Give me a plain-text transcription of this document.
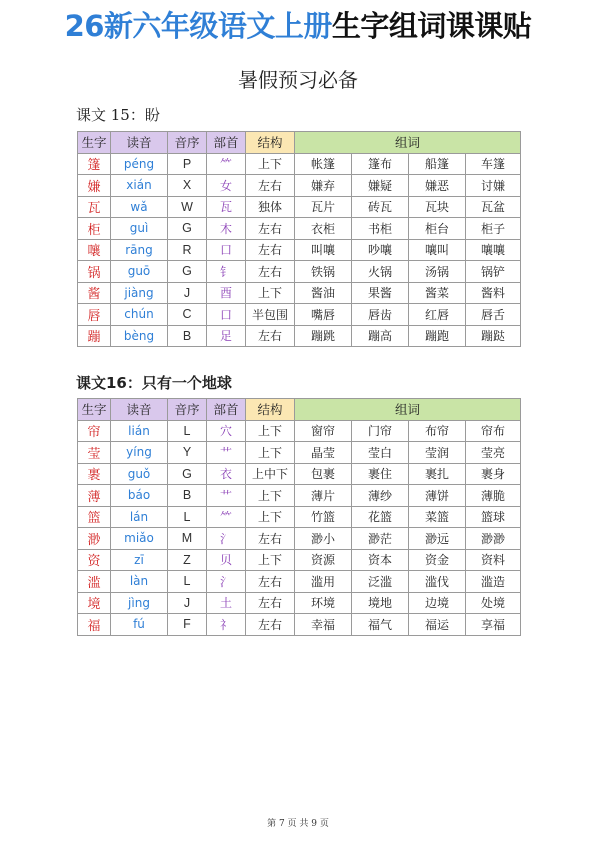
26新六年级语文上册生字组词课课贴
暑假预习必备
课文 15：盼
生字	读音	音序	部首	结构	组词			
篷	péng	P	⺮	上下	帐篷	篷布	船篷	车篷
嫌	xián	X	女	左右	嫌弃	嫌疑	嫌恶	讨嫌
瓦	wǎ	W	瓦	独体	瓦片	砖瓦	瓦块	瓦盆
柜	guì	G	木	左右	衣柜	书柜	柜台	柜子
嚷	rāng	R	口	左右	叫嚷	吵嚷	嚷叫	嚷嚷
锅	guō	G	钅	左右	铁锅	火锅	汤锅	锅铲
酱	jiàng	J	酉	上下	酱油	果酱	酱菜	酱料
唇	chún	C	口	半包围	嘴唇	唇齿	红唇	唇舌
蹦	bèng	B	足	左右	蹦跳	蹦高	蹦跑	蹦跶
课文16：只有一个地球
生字	读音	音序	部首	结构	组词			
帘	lián	L	穴	上下	窗帘	门帘	布帘	帘布
莹	yíng	Y	艹	上下	晶莹	莹白	莹润	莹亮
裹	guǒ	G	衣	上中下	包裹	裹住	裹扎	裹身
薄	báo	B	艹	上下	薄片	薄纱	薄饼	薄脆
篮	lán	L	⺮	上下	竹篮	花篮	菜篮	篮球
渺	miǎo	M	氵	左右	渺小	渺茫	渺远	渺渺
资	zī	Z	贝	上下	资源	资本	资金	资料
滥	làn	L	氵	左右	滥用	泛滥	滥伐	滥造
境	jìng	J	土	左右	环境	境地	边境	处境
福	fú	F	礻	左右	幸福	福气	福运	享福
第 7 页 共 9 页
